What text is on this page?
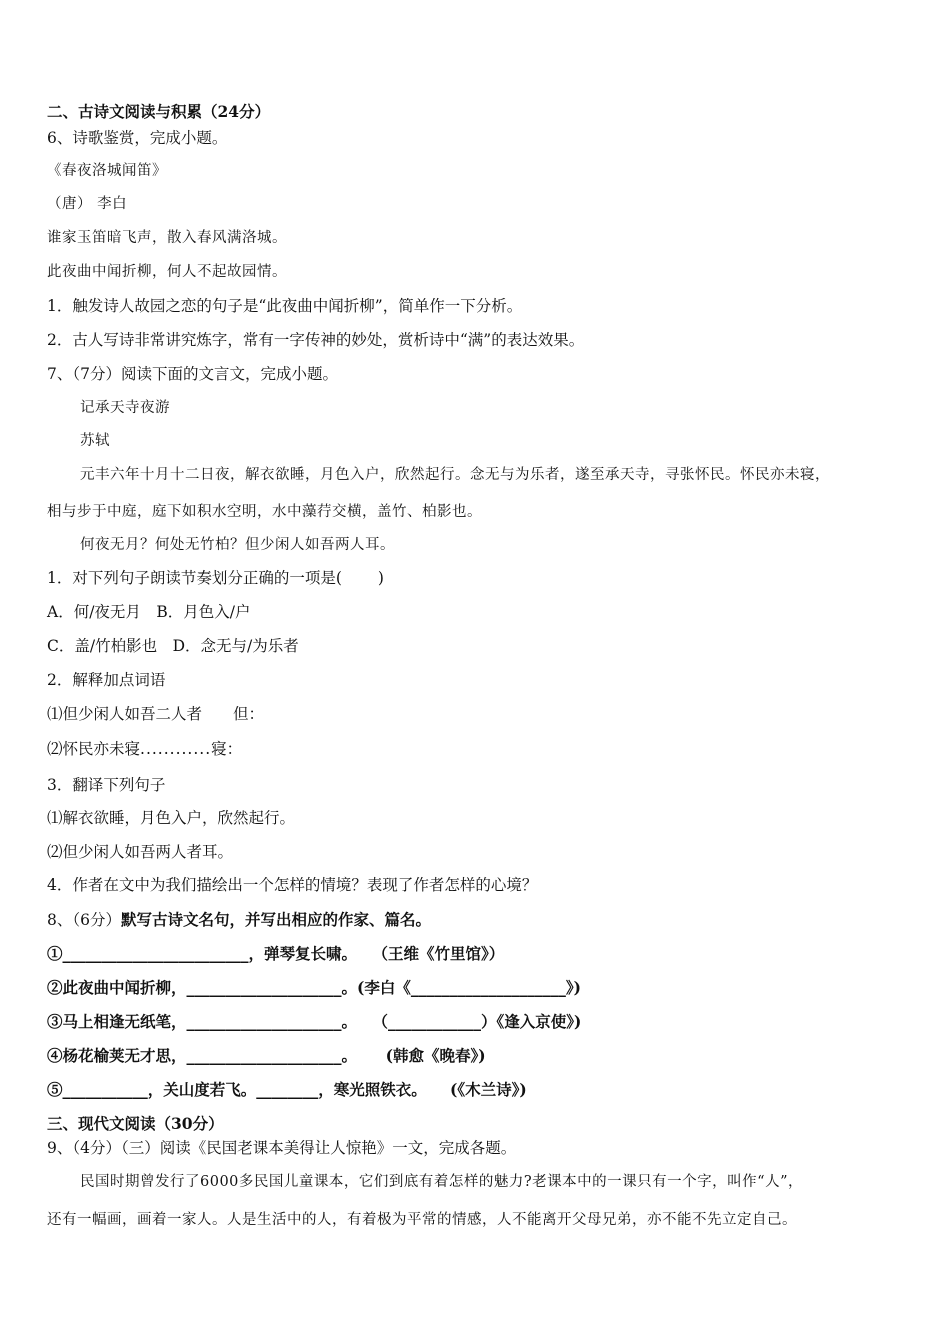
二、古诗文阅读与积累（24分）
6、诗歌鉴赏，完成小题。
《春夜洛城闻笛》
（唐） 李白
谁家玉笛暗飞声，散入春风满洛城。
此夜曲中闻折柳，何人不起故园情。
1．触发诗人故园之恋的句子是“此夜曲中闻折柳”，简单作一下分析。
2．古人写诗非常讲究炼字，常有一字传神的妙处，赏析诗中“满”的表达效果。
7、（7分）阅读下面的文言文，完成小题。
记承天寺夜游
苏轼
元丰六年十月十二日夜，解衣欲睡，月色入户，欣然起行。念无与为乐者，遂至承天寺，寻张怀民。怀民亦未寝，
相与步于中庭，庭下如积水空明，水中藻荇交横，盖竹、柏影也。
何夜无月？何处无竹柏？但少闲人如吾两人耳。
1．对下列句子朗读节奏划分正确的一项是(　　 )
A．何/夜无月　B．月色入/户
C．盖/竹柏影也　D．念无与/为乐者
2．解释加点词语
⑴但少闲人如吾二人者　　但：
⑵怀民亦未寝............寝：
3．翻译下列句子
⑴解衣欲睡，月色入户，欣然起行。
⑵但少闲人如吾两人者耳。
4．作者在文中为我们描绘出一个怎样的情境？表现了作者怎样的心境？
8、（6分）默写古诗文名句，并写出相应的作家、篇名。
①________________________，弹琴复长啸。　　（王维《竹里馆》）
②此夜曲中闻折柳，____________________。(李白《____________________》)
③马上相逢无纸笔，____________________。　　（____________）《逢入京使》)
④杨花榆荚无才思，____________________。　　 (韩愈《晚春》)
⑤___________，关山度若飞。________，寒光照铁衣。　　(《木兰诗》)
三、现代文阅读（30分）
9、（4分）（三）阅读《民国老课本美得让人惊艳》一文，完成各题。
民国时期曾发行了6000多民国儿童课本，它们到底有着怎样的魅力?老课本中的一课只有一个字，叫作“人”，
还有一幅画，画着一家人。人是生活中的人，有着极为平常的情感，人不能离开父母兄弟，亦不能不先立定自己。
